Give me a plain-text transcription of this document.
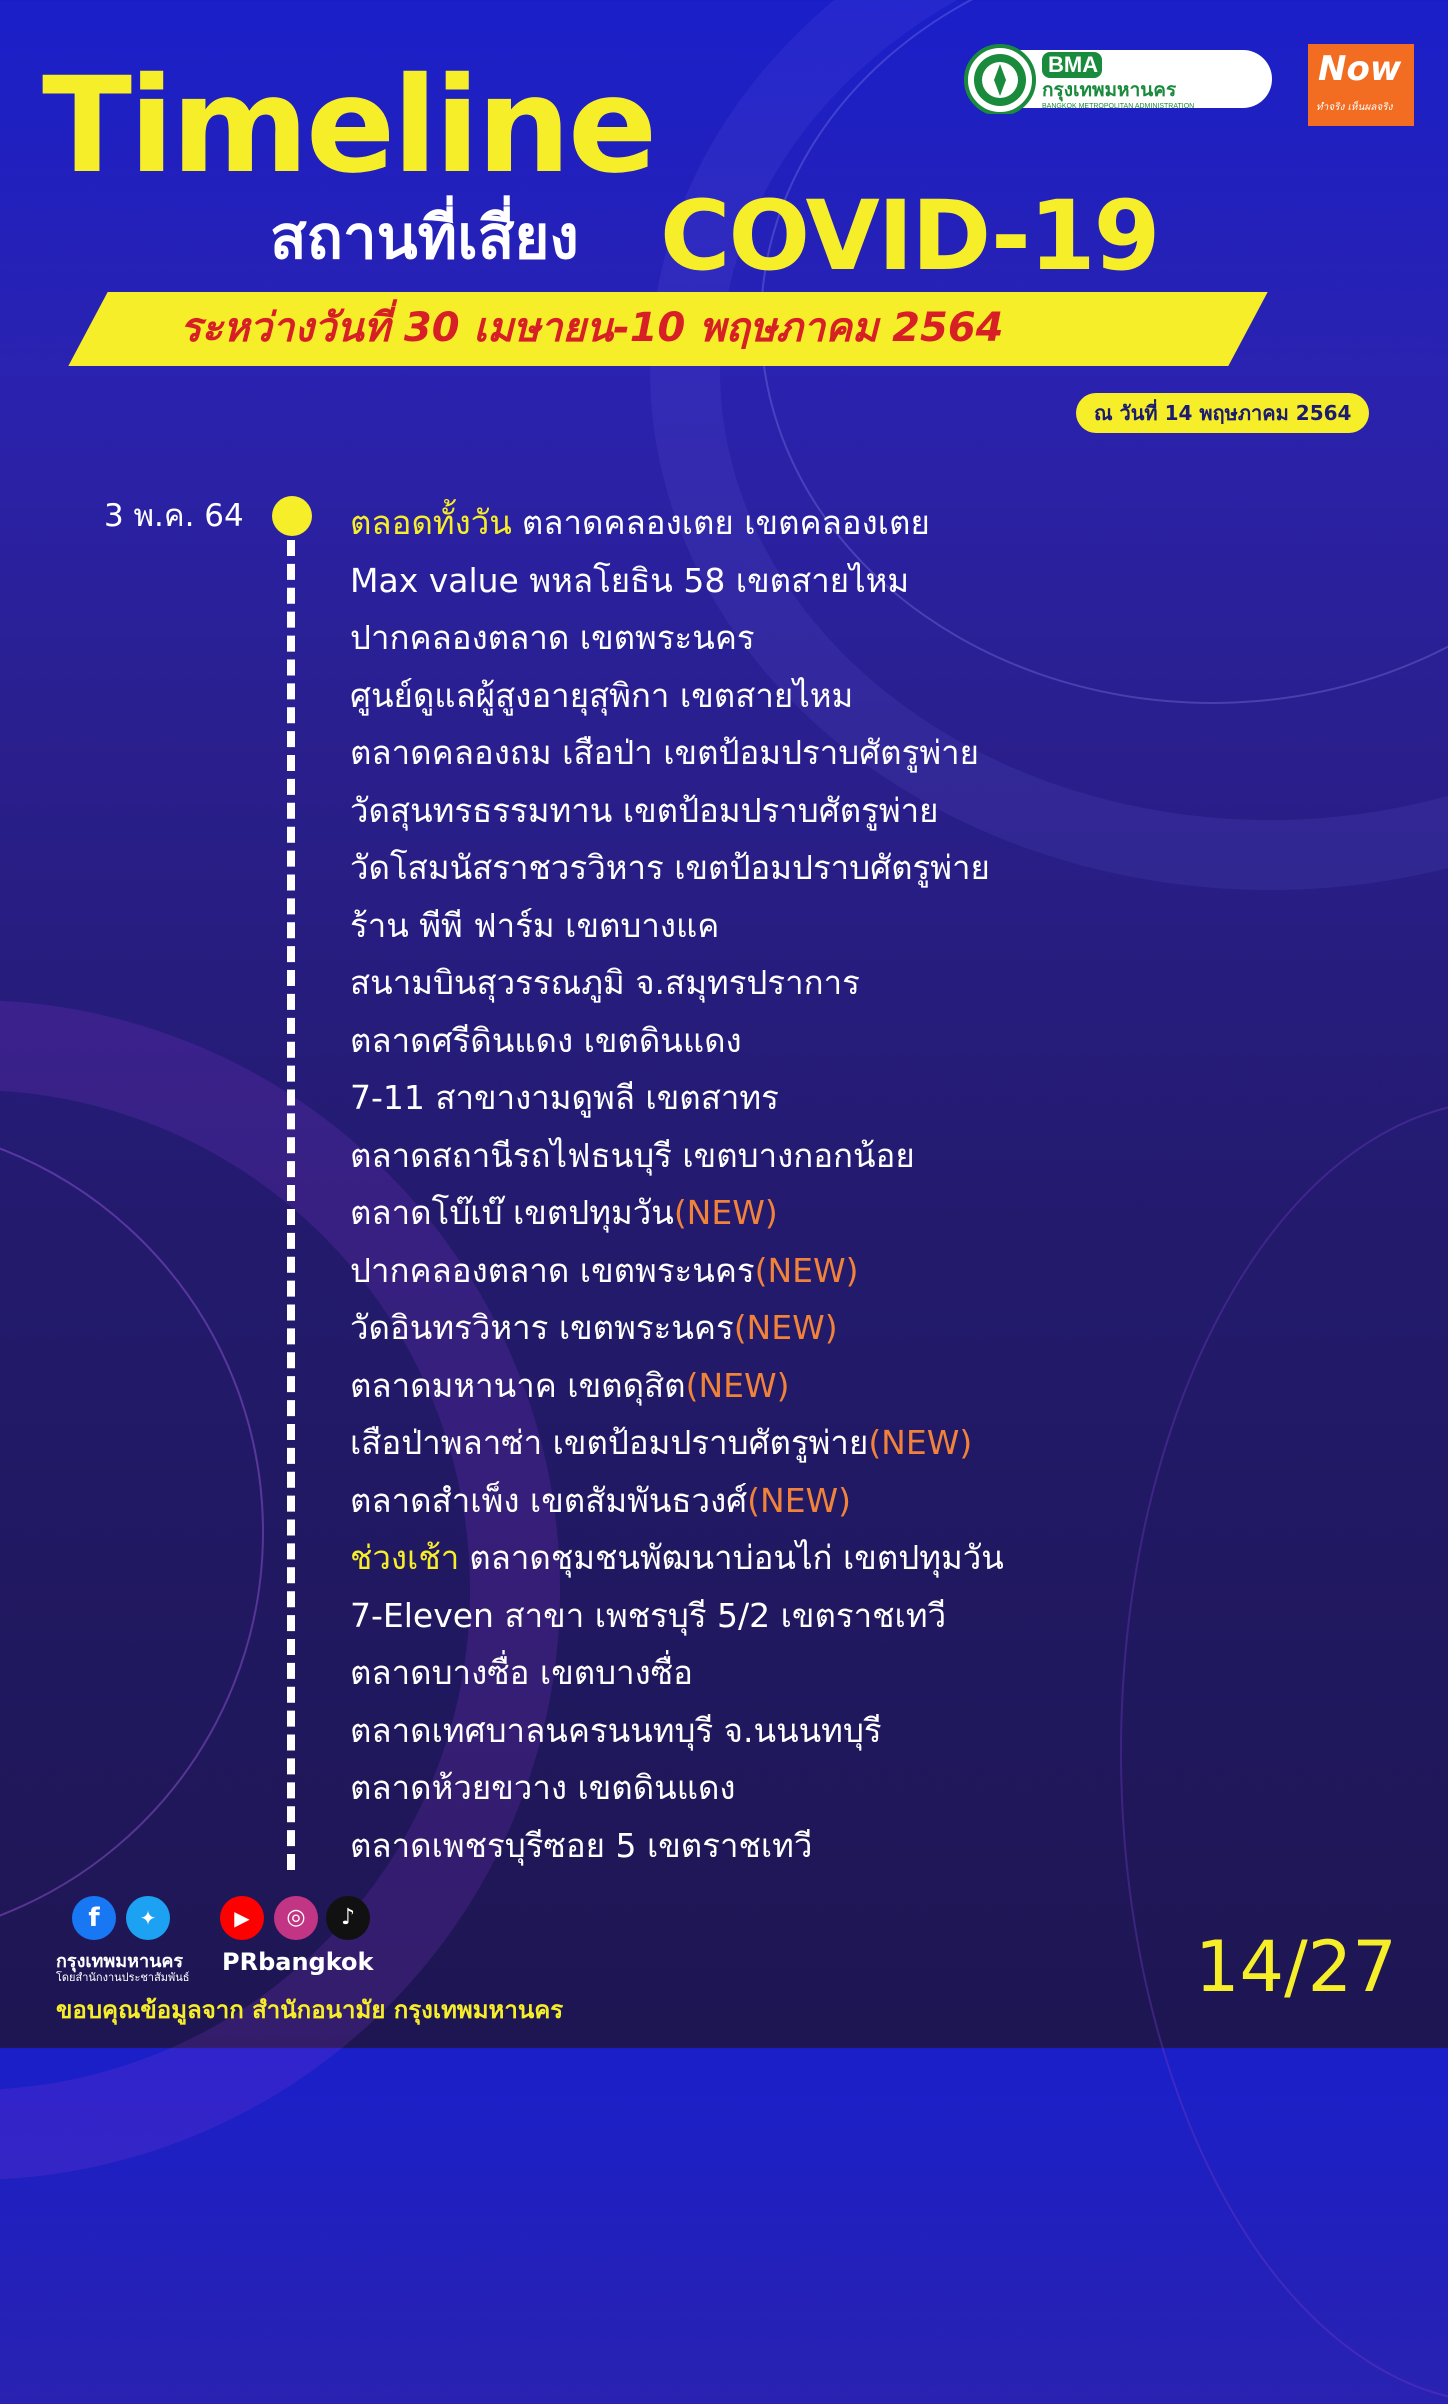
BMA
กรุงเทพมหานคร
BANGKOK METROPOLITAN ADMINISTRATION
Now
ทำจริง เห็นผลจริง
Timeline
สถานที่เสี่ยง COVID-19
ระหว่างวันที่ 30 เมษายน-10 พฤษภาคม 2564
ณ วันที่ 14 พฤษภาคม 2564
3 พ.ค. 64	ตลอดทั้งวัน ตลาดคลองเตย เขตคลองเตย
Max value พหลโยธิน 58 เขตสายไหม
ปากคลองตลาด เขตพระนคร
ศูนย์ดูแลผู้สูงอายุสุพิกา เขตสายไหม
ตลาดคลองถม เสือป่า เขตป้อมปราบศัตรูพ่าย
วัดสุนทรธรรมทาน เขตป้อมปราบศัตรูพ่าย
วัดโสมนัสราชวรวิหาร เขตป้อมปราบศัตรูพ่าย
ร้าน พีพี ฟาร์ม เขตบางแค
สนามบินสุวรรณภูมิ จ.สมุทรปราการ
ตลาดศรีดินแดง เขตดินแดง
7-11 สาขางามดูพลี เขตสาทร
ตลาดสถานีรถไฟธนบุรี เขตบางกอกน้อย
ตลาดโบ๊เบ๊ เขตปทุมวัน(NEW)
ปากคลองตลาด เขตพระนคร(NEW)
วัดอินทรวิหาร เขตพระนคร(NEW)
ตลาดมหานาค เขตดุสิต(NEW)
เสือป่าพลาซ่า เขตป้อมปราบศัตรูพ่าย(NEW)
ตลาดสำเพ็ง เขตสัมพันธวงศ์(NEW)
ช่วงเช้า ตลาดชุมชนพัฒนาบ่อนไก่ เขตปทุมวัน
7-Eleven สาขา เพชรบุรี 5/2 เขตราชเทวี
ตลาดบางซื่อ เขตบางซื่อ
ตลาดเทศบาลนครนนทบุรี จ.นนนทบุรี
ตลาดห้วยขวาง เขตดินแดง
ตลาดเพชรบุรีซอย 5 เขตราชเทวี
f	✦	▶	◎	♪
กรุงเทพมหานคร
โดยสำนักงานประชาสัมพันธ์
PRbangkok
ขอบคุณข้อมูลจาก สำนักอนามัย กรุงเทพมหานคร
14/27
